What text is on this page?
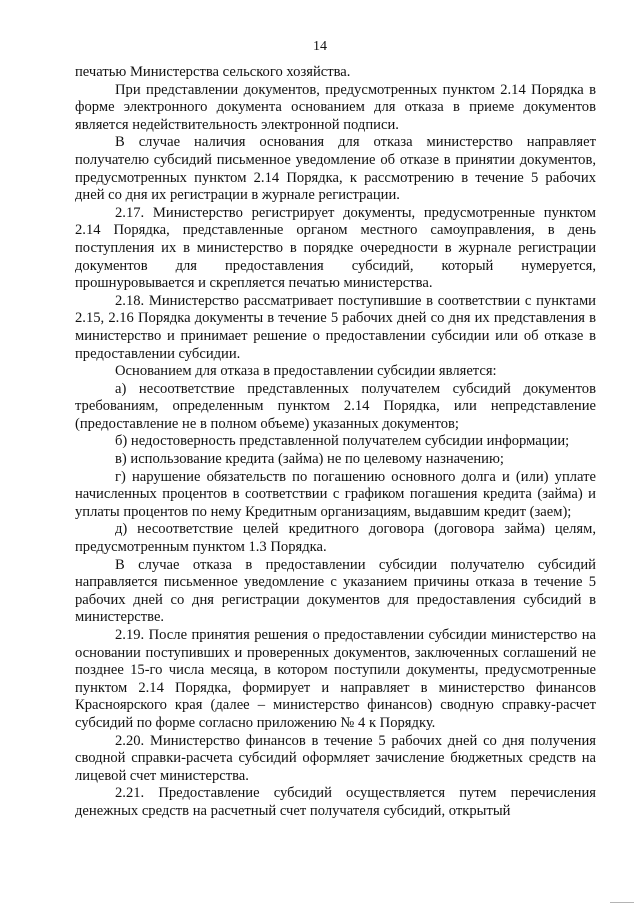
14

печатью Министерства сельского хозяйства.

При представлении документов, предусмотренных пунктом 2.14 Порядка в форме электронного документа основанием для отказа в приеме документов является недействительность электронной подписи.

В случае наличия основания для отказа министерство направляет получателю субсидий письменное уведомление об отказе в принятии документов, предусмотренных пунктом 2.14 Порядка, к рассмотрению в течение 5 рабочих дней со дня их регистрации в журнале регистрации.

2.17. Министерство регистрирует документы, предусмотренные пунктом 2.14 Порядка, представленные органом местного самоуправления, в день поступления их в министерство в порядке очередности в журнале регистрации документов для предоставления субсидий, который нумеруется, прошнуровывается и скрепляется печатью министерства.

2.18. Министерство рассматривает поступившие в соответствии с пунктами 2.15, 2.16 Порядка документы в течение 5 рабочих дней со дня их представления в министерство и принимает решение о предоставлении субсидии или об отказе в предоставлении субсидии.

Основанием для отказа в предоставлении субсидии является:

а) несоответствие представленных получателем субсидий документов требованиям, определенным пунктом 2.14 Порядка, или непредставление (предоставление не в полном объеме) указанных документов;

б) недостоверность представленной получателем субсидии информации;

в) использование кредита (займа) не по целевому назначению;

г) нарушение обязательств по погашению основного долга и (или) уплате начисленных процентов в соответствии с графиком погашения кредита (займа) и уплаты процентов по нему Кредитным организациям, выдавшим кредит (заем);

д) несоответствие целей кредитного договора (договора займа) целям, предусмотренным пунктом 1.3 Порядка.

В случае отказа в предоставлении субсидии получателю субсидий направляется письменное уведомление с указанием причины отказа в течение 5 рабочих дней со дня регистрации документов для предоставления субсидий в министерстве.

2.19. После принятия решения о предоставлении субсидии министерство на основании поступивших и проверенных документов, заключенных соглашений не позднее 15-го числа месяца, в котором поступили документы, предусмотренные пунктом 2.14 Порядка, формирует и направляет в министерство финансов Красноярского края (далее – министерство финансов) сводную справку-расчет субсидий по форме согласно приложению № 4 к Порядку.

2.20. Министерство финансов в течение 5 рабочих дней со дня получения сводной справки-расчета субсидий оформляет зачисление бюджетных средств на лицевой счет министерства.

2.21. Предоставление субсидий осуществляется путем перечисления денежных средств на расчетный счет получателя субсидий, открытый
